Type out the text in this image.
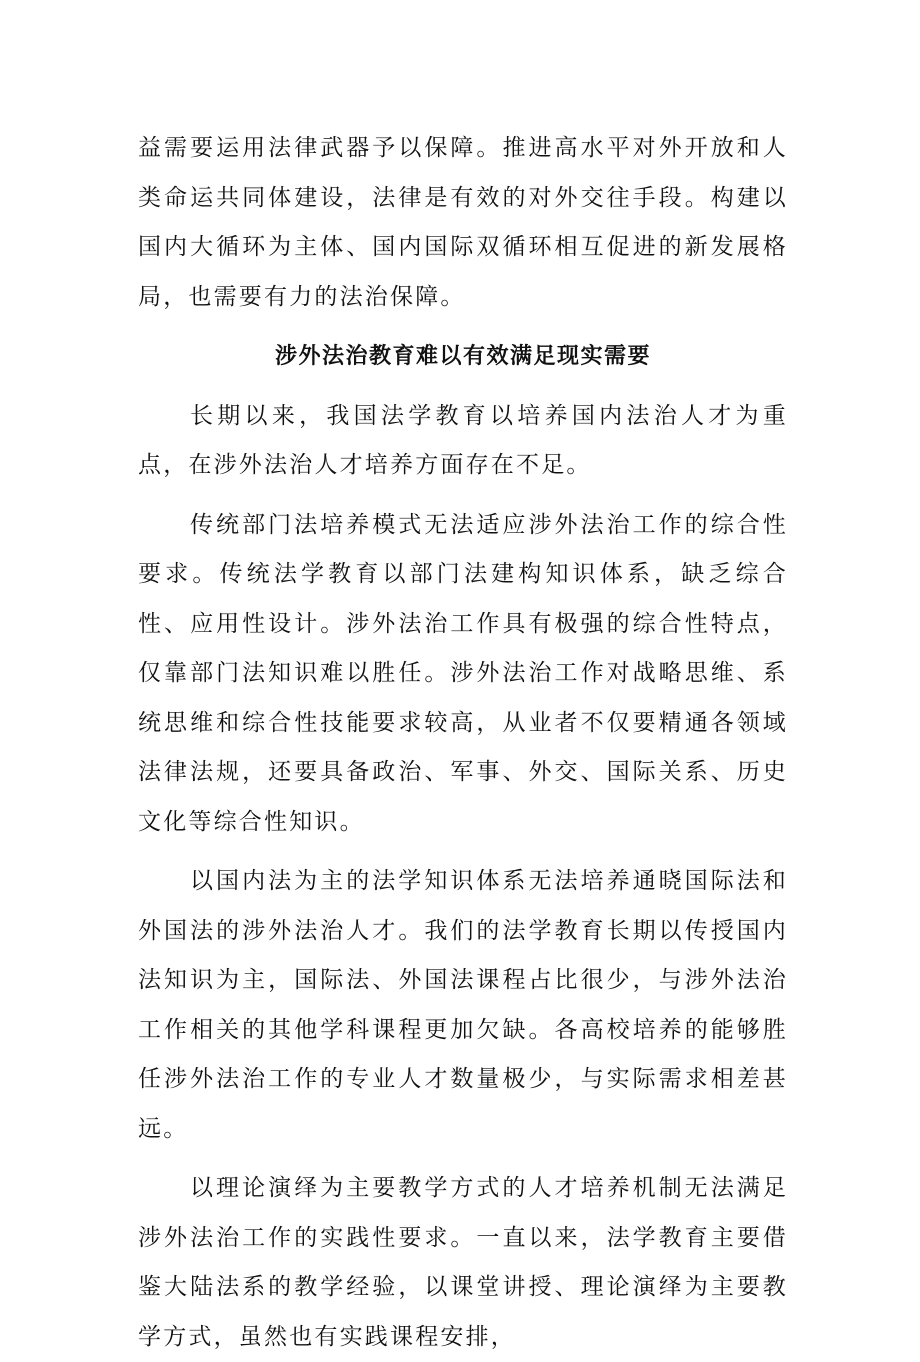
益需要运用法律武器予以保障。推进高水平对外开放和人类命运共同体建设，法律是有效的对外交往手段。构建以国内大循环为主体、国内国际双循环相互促进的新发展格局，也需要有力的法治保障。

涉外法治教育难以有效满足现实需要

长期以来，我国法学教育以培养国内法治人才为重点，在涉外法治人才培养方面存在不足。

传统部门法培养模式无法适应涉外法治工作的综合性要求。传统法学教育以部门法建构知识体系，缺乏综合性、应用性设计。涉外法治工作具有极强的综合性特点，仅靠部门法知识难以胜任。涉外法治工作对战略思维、系统思维和综合性技能要求较高，从业者不仅要精通各领域法律法规，还要具备政治、军事、外交、国际关系、历史文化等综合性知识。

以国内法为主的法学知识体系无法培养通晓国际法和外国法的涉外法治人才。我们的法学教育长期以传授国内法知识为主，国际法、外国法课程占比很少，与涉外法治工作相关的其他学科课程更加欠缺。各高校培养的能够胜任涉外法治工作的专业人才数量极少，与实际需求相差甚远。

以理论演绎为主要教学方式的人才培养机制无法满足涉外法治工作的实践性要求。一直以来，法学教育主要借鉴大陆法系的教学经验，以课堂讲授、理论演绎为主要教学方式，虽然也有实践课程安排，
